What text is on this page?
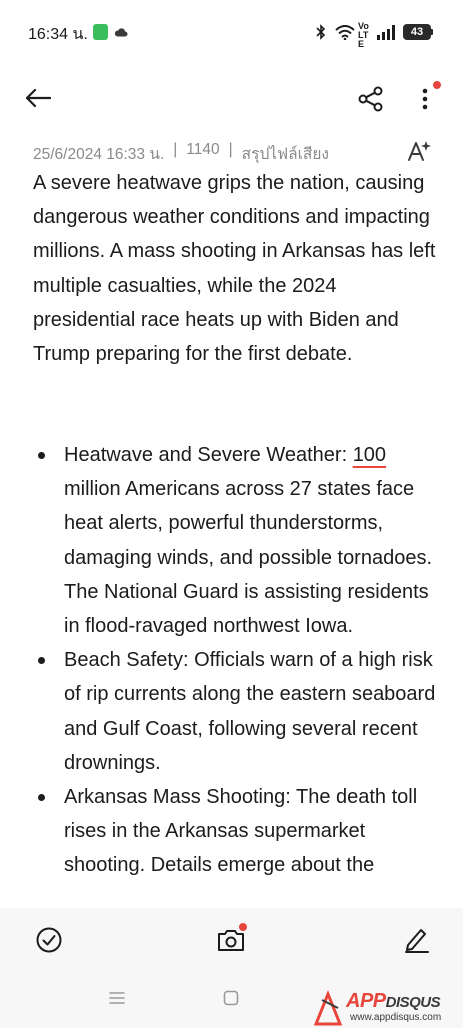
16:34 น.	Vo LTE
43
25/6/2024 16:33 น. | 1140 | สรุปไฟล์เสียง

A severe heatwave grips the nation, causing dangerous weather conditions and impacting millions. A mass shooting in Arkansas has left multiple casualties, while the 2024 presidential race heats up with Biden and Trump preparing for the first debate.

Heatwave and Severe Weather: 100 million Americans across 27 states face heat alerts, powerful thunderstorms, damaging winds, and possible tornadoes. The National Guard is assisting residents in flood-ravaged northwest Iowa.
Beach Safety: Officials warn of a high risk of rip currents along the eastern seaboard and Gulf Coast, following several recent drownings.
Arkansas Mass Shooting: The death toll rises in the Arkansas supermarket shooting. Details emerge about the
APPDISQUS
www.appdisqus.com
